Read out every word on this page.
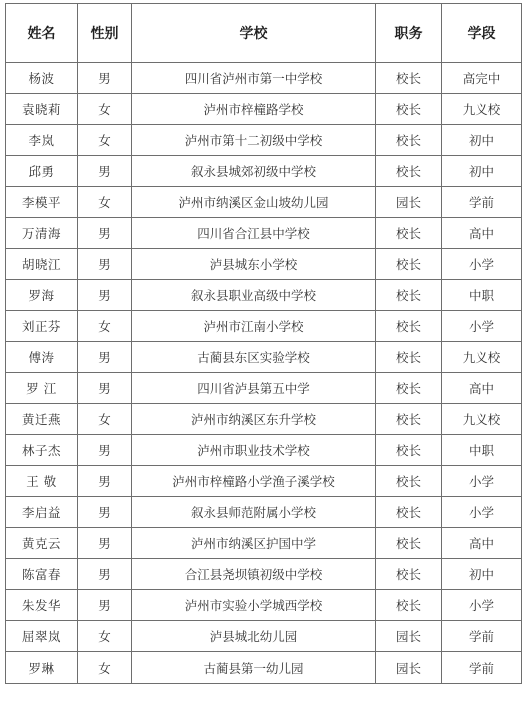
姓名	性别	学校	职务	学段
杨波	男	四川省泸州市第一中学校	校长	高完中
袁晓莉	女	泸州市梓橦路学校	校长	九义校
李岚	女	泸州市第十二初级中学校	校长	初中
邱勇	男	叙永县城郊初级中学校	校长	初中
李模平	女	泸州市纳溪区金山坡幼儿园	园长	学前
万清海	男	四川省合江县中学校	校长	高中
胡晓江	男	泸县城东小学校	校长	小学
罗海	男	叙永县职业高级中学校	校长	中职
刘正芬	女	泸州市江南小学校	校长	小学
傅涛	男	古蔺县东区实验学校	校长	九义校
罗 江	男	四川省泸县第五中学	校长	高中
黄迁燕	女	泸州市纳溪区东升学校	校长	九义校
林子杰	男	泸州市职业技术学校	校长	中职
王 敬	男	泸州市梓橦路小学渔子溪学校	校长	小学
李启益	男	叙永县师范附属小学校	校长	小学
黄克云	男	泸州市纳溪区护国中学	校长	高中
陈富春	男	合江县尧坝镇初级中学校	校长	初中
朱发华	男	泸州市实验小学城西学校	校长	小学
屈翠岚	女	泸县城北幼儿园	园长	学前
罗琳	女	古蔺县第一幼儿园	园长	学前
